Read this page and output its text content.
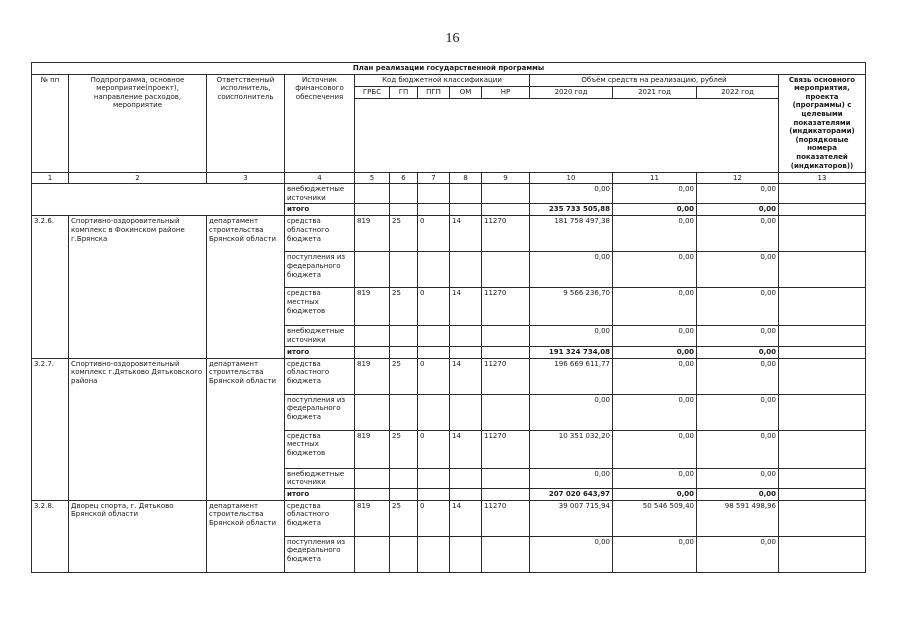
16
План реализации государственной программы												
№ пп	Подпрограмма, основное мероприятие(проект), направление расходов, мероприятие	Ответственный исполнитель, соисполнитель	Источник финансового обеспечения	Код бюджетной классификации					Объём средств на реализацию, рублей			Связь основного мероприятия, проекта (программы) с целевыми показателями (индикаторами) (порядковые номера показателей (индикаторов))
				ГРБС	ГП	ПГП	ОМ	НР	2020 год	2021 год	2022 год	

1	2	3	4	5	6	7	8	9	10	11	12	13
			внебюджетные источники						0,00	0,00	0,00	
			итого						235 733 505,88	0,00	0,00	
3.2.6.	Спортивно-оздоровительный комплекс в Фокинском районе г.Брянска	департамент строительства Брянской области	средства областного бюджета	819	25	0	14	11270	181 758 497,38	0,00	0,00	
			поступления из федерального бюджета						0,00	0,00	0,00	
			средства местных бюджетов	819	25	0	14	11270	9 566 236,70	0,00	0,00	
			внебюджетные источники						0,00	0,00	0,00	
			итого						191 324 734,08	0,00	0,00	
3.2.7.	Спортивно-оздоровительный комплекс г.Дятьково Дятьковского района	департамент строительства Брянской области	средства областного бюджета	819	25	0	14	11270	196 669 611,77	0,00	0,00	
			поступления из федерального бюджета						0,00	0,00	0,00	
			средства местных бюджетов	819	25	0	14	11270	10 351 032,20	0,00	0,00	
			внебюджетные источники						0,00	0,00	0,00	
			итого						207 020 643,97	0,00	0,00	
3.2.8.	Дворец спорта, г. Дятьково Брянской области	департамент строительства Брянской области	средства областного бюджета	819	25	0	14	11270	39 007 715,94	50 546 509,40	98 591 498,96	
			поступления из федерального бюджета						0,00	0,00	0,00	
